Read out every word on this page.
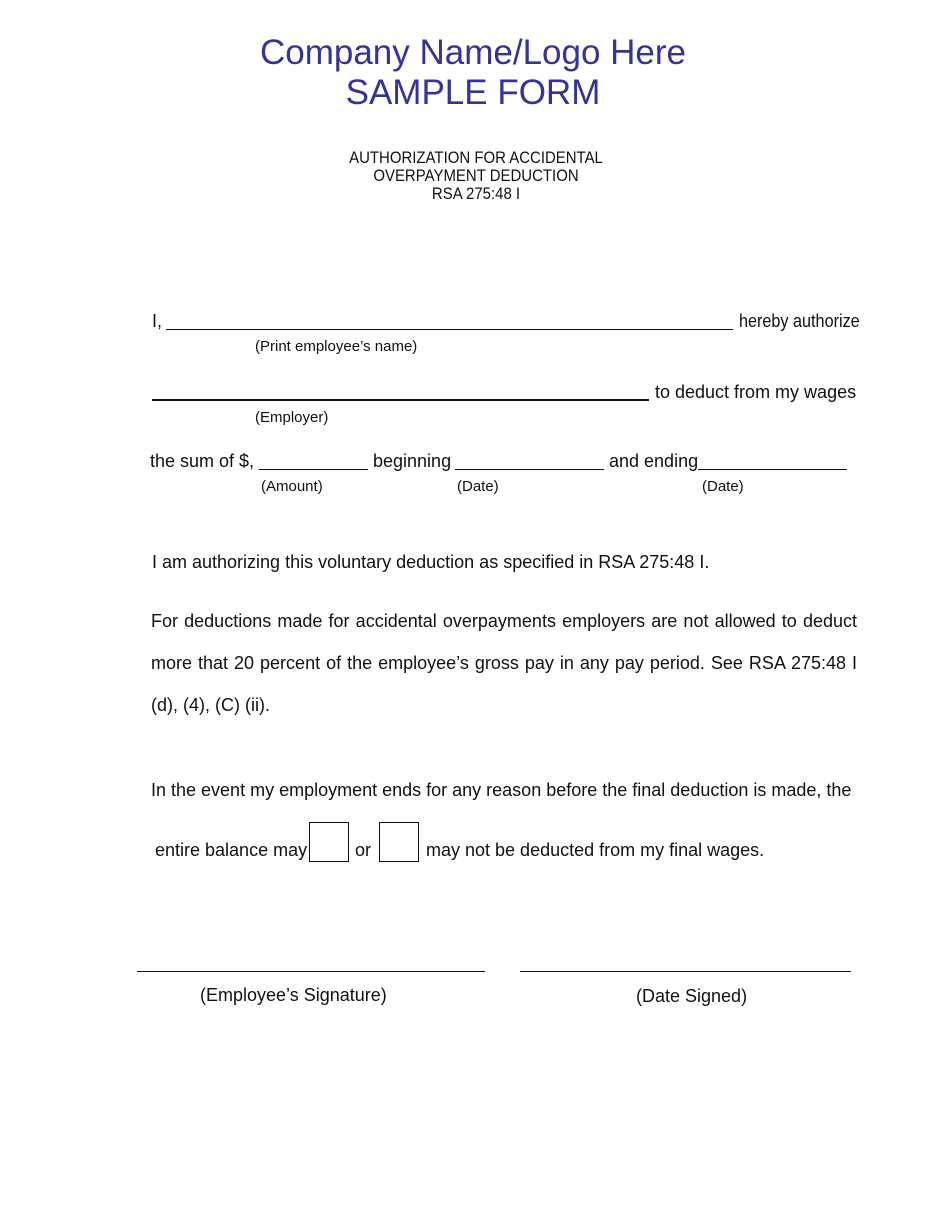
Company Name/Logo Here
SAMPLE FORM
AUTHORIZATION FOR ACCIDENTAL
OVERPAYMENT DEDUCTION
RSA 275:48 I
I,	hereby authorize
(Print employee’s name)
to deduct from my wages
(Employer)
the sum of $,	beginning	and ending
(Amount)	(Date)	(Date)
I am authorizing this voluntary deduction as specified in RSA 275:48 I.
For deductions made for accidental overpayments employers are not allowed to deduct more that 20 percent of the employee’s gross pay in any pay period. See RSA 275:48 I (d), (4), (C) (ii).
In the event my employment ends for any reason before the final deduction is made, the
entire balance may	or	may not be deducted from my final wages.
(Employee’s Signature)	(Date Signed)
